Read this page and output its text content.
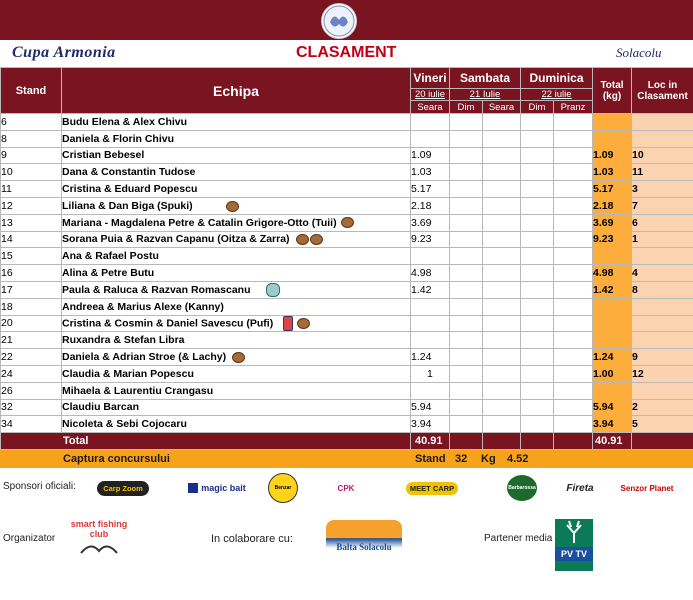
Cupa Armonia	CLASAMENT	Solacolu
Stand	Echipa	Vineri	Sambata		Duminica		Total (kg)	Loc in Clasament
		20 iulie	21 Iulie		22 iulie			
		Seara	Dim	Seara	Dim	Pranz		
6	Budu Elena & Alex Chivu							
8	Daniela & Florin Chivu							
9	Cristian Bebesel	1.09					1.09	10
10	Dana & Constantin Tudose	1.03					1.03	11
11	Cristina & Eduard Popescu	5.17					5.17	3
12	Liliana & Dan Biga (Spuki)	2.18					2.18	7
13	Mariana - Magdalena Petre & Catalin Grigore-Otto (Tuii)	3.69					3.69	6
14	Sorana Puia & Razvan Capanu (Oitza & Zarra)	9.23					9.23	1
15	Ana & Rafael Postu							
16	Alina & Petre Butu	4.98					4.98	4
17	Paula & Raluca & Razvan Romascanu	1.42					1.42	8
18	Andreea & Marius Alexe (Kanny)							
20	Cristina & Cosmin & Daniel Savescu (Pufi)							
21	Ruxandra & Stefan Libra							
22	Daniela & Adrian Stroe (& Lachy)	1.24					1.24	9
24	Claudia & Marian Popescu	1					1.00	12
26	Mihaela & Laurentiu Crangasu							
32	Claudiu Barcan	5.94					5.94	2
34	Nicoleta & Sebi Cojocaru	3.94					3.94	5
Total		40.91					40.91	
Captura concursului		Stand 32 Kg 4.52						
Sponsori oficiali:	Carp Zoom	magic bait	Benzar	CPK	MEET CARP	Barbarossa	Fireta	Senzor Planet
Organizator
smart fishing club	In colaborare cu:
Balta Solacolu
Partener media
PV TV
